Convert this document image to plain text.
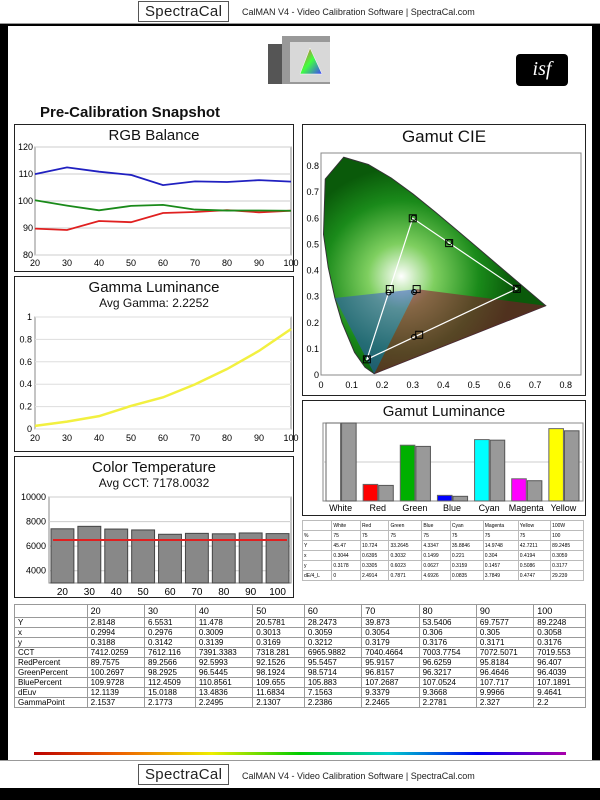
SpectraCal	CalMAN V4 - Video Calibration Software | SpectraCal.com
isf
Pre-Calibration Snapshot
RGB Balance
120
110
100
90
80
20 30 40 50 60 70 80 90 100
Gamma Luminance
Avg Gamma: 2.2252
1
0.8
0.6
0.4
0.2
0
20 30 40 50 60 70 80 90 100
Color Temperature
Avg CCT: 7178.0032
10000
8000
6000
4000
20 30 40 50 60 70 80 90 100
Gamut CIE
0.8
0.7
0.6
0.5
0.4
0.3
0.2
0.1
0
0 0.1 0.2 0.3 0.4 0.5 0.6 0.7 0.8
Gamut Luminance
White Red Green Blue Cyan Magenta Yellow
	White	Red	Green	Blue	Cyan	Magenta	Yellow	100W
%	75	75	75	75	75	75	75	100
Y	45.47	10.724	33.2645	4.3347	35.8846	14.9748	42.7211	89.2485
x	0.3044	0.6395	0.3032	0.1499	0.221	0.304	0.4194	0.3059
y	0.3178	0.3305	0.6023	0.0627	0.3159	0.1457	0.5086	0.3177
dE/4_L	0	2.4914	0.7871	4.6926	0.0835	3.7849	0.4747	29.239
	20	30	40	50	60	70	80	90	100
Y	2.8148	6.5531	11.478	20.5781	28.2473	39.873	53.5406	69.7577	89.2248
x	0.2994	0.2976	0.3009	0.3013	0.3059	0.3054	0.306	0.305	0.3058
y	0.3188	0.3142	0.3139	0.3169	0.3212	0.3179	0.3176	0.3171	0.3176
CCT	7412.0259	7612.116	7391.3383	7318.281	6965.9882	7040.4664	7003.7754	7072.5071	7019.553
RedPercent	89.7575	89.2566	92.5993	92.1526	95.5457	95.9157	96.6259	95.8184	96.407
GreenPercent	100.2697	98.2925	96.5445	98.1924	98.5714	96.8157	96.3217	96.4646	96.4039
BluePercent	109.9728	112.4509	110.8561	109.655	105.883	107.2687	107.0524	107.717	107.1891
dEuv	12.1139	15.0188	13.4836	11.6834	7.1563	9.3379	9.3668	9.9966	9.4641
GammaPoint	2.1537	2.1773	2.2495	2.1307	2.2386	2.2465	2.2781	2.327	2.2
SpectraCal	CalMAN V4 - Video Calibration Software | SpectraCal.com
